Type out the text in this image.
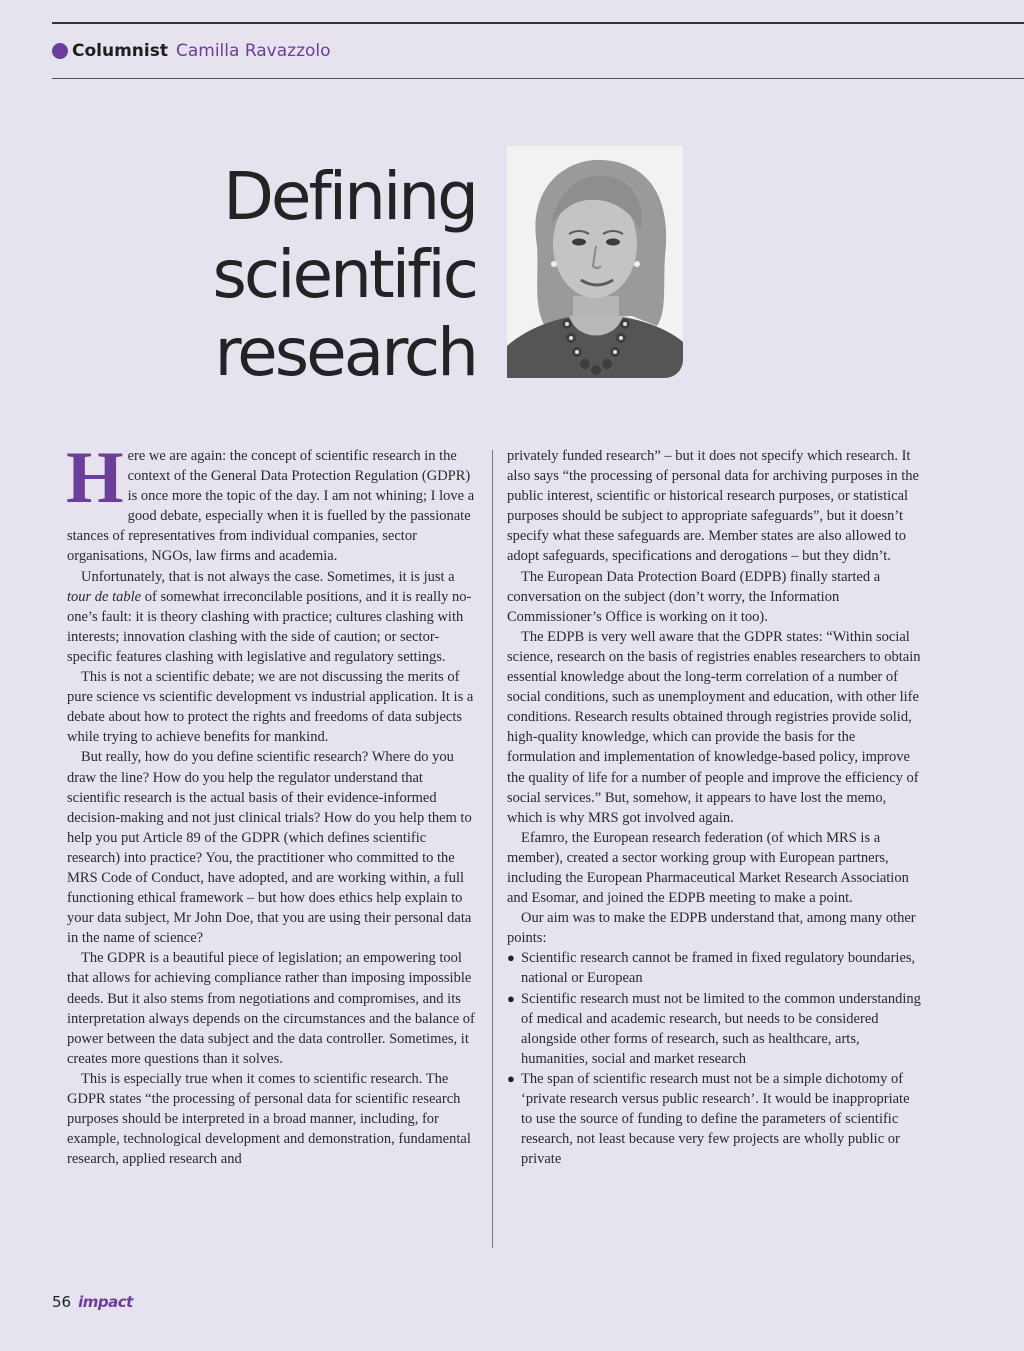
Columnist Camilla Ravazzolo
Defining
scientific
research

Here we are again: the concept of scientific research in the context of the General Data Protection Regulation (GDPR) is once more the topic of the day. I am not whining; I love a good debate, especially when it is fuelled by the passionate stances of representatives from individual companies, sector organisations, NGOs, law firms and academia.

Unfortunately, that is not always the case. Sometimes, it is just a tour de table of somewhat irreconcilable positions, and it is really no-one’s fault: it is theory clashing with practice; cultures clashing with interests; innovation clashing with the side of caution; or sector-specific features clashing with legislative and regulatory settings.

This is not a scientific debate; we are not discussing the merits of pure science vs scientific development vs industrial application. It is a debate about how to protect the rights and freedoms of data subjects while trying to achieve benefits for mankind.

But really, how do you define scientific research? Where do you draw the line? How do you help the regulator understand that scientific research is the actual basis of their evidence-informed decision-making and not just clinical trials? How do you help them to help you put Article 89 of the GDPR (which defines scientific research) into practice? You, the practitioner who committed to the MRS Code of Conduct, have adopted, and are working within, a full functioning ethical framework – but how does ethics help explain to your data subject, Mr John Doe, that you are using their personal data in the name of science?

The GDPR is a beautiful piece of legislation; an empowering tool that allows for achieving compliance rather than imposing impossible deeds. But it also stems from negotiations and compromises, and its interpretation always depends on the circumstances and the balance of power between the data subject and the data controller. Sometimes, it creates more questions than it solves.

This is especially true when it comes to scientific research. The GDPR states “the processing of personal data for scientific research purposes should be interpreted in a broad manner, including, for example, technological development and demonstration, fundamental research, applied research and

privately funded research” – but it does not specify which research. It also says “the processing of personal data for archiving purposes in the public interest, scientific or historical research purposes, or statistical purposes should be subject to appropriate safeguards”, but it doesn’t specify what these safeguards are. Member states are also allowed to adopt safeguards, specifications and derogations – but they didn’t.

The European Data Protection Board (EDPB) finally started a conversation on the subject (don’t worry, the Information Commissioner’s Office is working on it too).

The EDPB is very well aware that the GDPR states: “Within social science, research on the basis of registries enables researchers to obtain essential knowledge about the long-term correlation of a number of social conditions, such as unemployment and education, with other life conditions. Research results obtained through registries provide solid, high-quality knowledge, which can provide the basis for the formulation and implementation of knowledge-based policy, improve the quality of life for a number of people and improve the efficiency of social services.” But, somehow, it appears to have lost the memo, which is why MRS got involved again.

Efamro, the European research federation (of which MRS is a member), created a sector working group with European partners, including the European Pharmaceutical Market Research Association and Esomar, and joined the EDPB meeting to make a point.

Our aim was to make the EDPB understand that, among many other points:

● Scientific research cannot be framed in fixed regulatory boundaries, national or European
● Scientific research must not be limited to the common understanding of medical and academic research, but needs to be considered alongside other forms of research, such as healthcare, arts, humanities, social and market research
● The span of scientific research must not be a simple dichotomy of ‘private research versus public research’. It would be inappropriate to use the source of funding to define the parameters of scientific research, not least because very few projects are wholly public or private
56 impact
